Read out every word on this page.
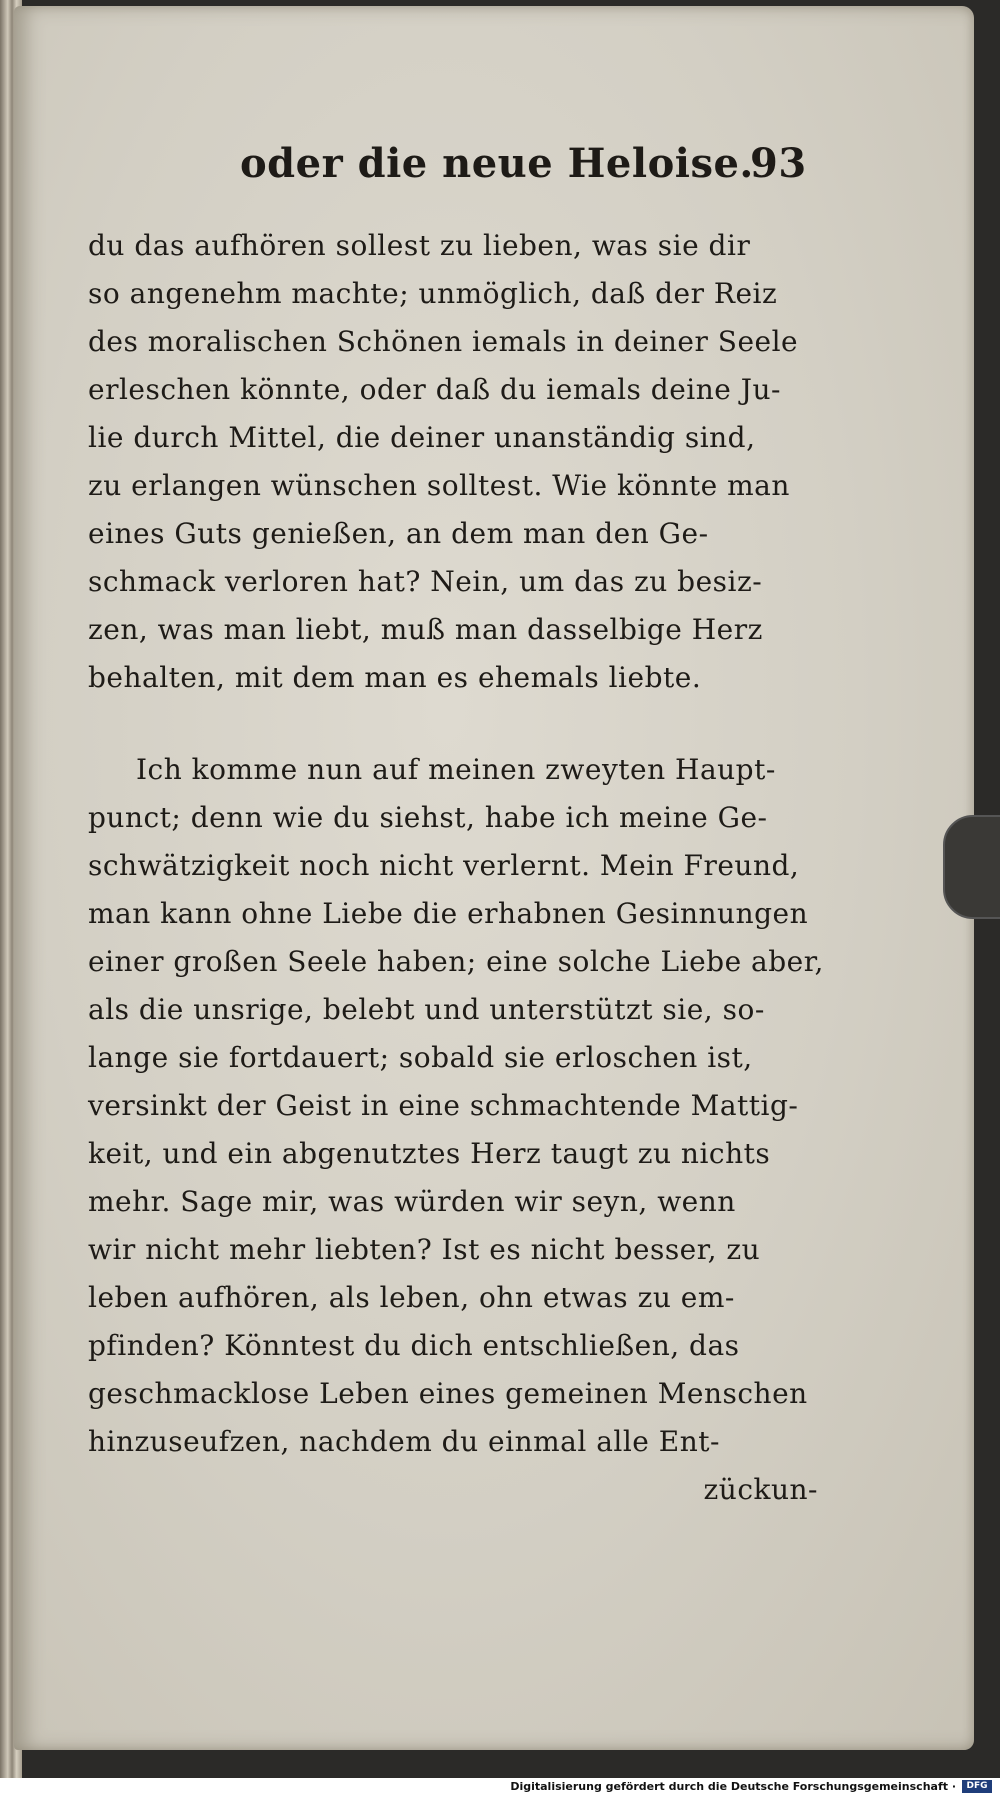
oder die neue Heloise.
93
du das aufhören sollest zu lieben, was sie dir
so angenehm machte; unmöglich, daß der Reiz
des moralischen Schönen iemals in deiner Seele
erleschen könnte, oder daß du iemals deine Ju-
lie durch Mittel, die deiner unanständig sind,
zu erlangen wünschen solltest. Wie könnte man
eines Guts genießen, an dem man den Ge-
schmack verloren hat? Nein, um das zu besiz-
zen, was man liebt, muß man dasselbige Herz
behalten, mit dem man es ehemals liebte.
Ich komme nun auf meinen zweyten Haupt-
punct; denn wie du siehst, habe ich meine Ge-
schwätzigkeit noch nicht verlernt. Mein Freund,
man kann ohne Liebe die erhabnen Gesinnungen
einer großen Seele haben; eine solche Liebe aber,
als die unsrige, belebt und unterstützt sie, so-
lange sie fortdauert; sobald sie erloschen ist,
versinkt der Geist in eine schmachtende Mattig-
keit, und ein abgenutztes Herz taugt zu nichts
mehr. Sage mir, was würden wir seyn, wenn
wir nicht mehr liebten? Ist es nicht besser, zu
leben aufhören, als leben, ohn etwas zu em-
pfinden? Könntest du dich entschließen, das
geschmacklose Leben eines gemeinen Menschen
hinzuseufzen, nachdem du einmal alle Ent-
zückun-
Digitalisierung gefördert durch die Deutsche Forschungsgemeinschaft ·	DFG
